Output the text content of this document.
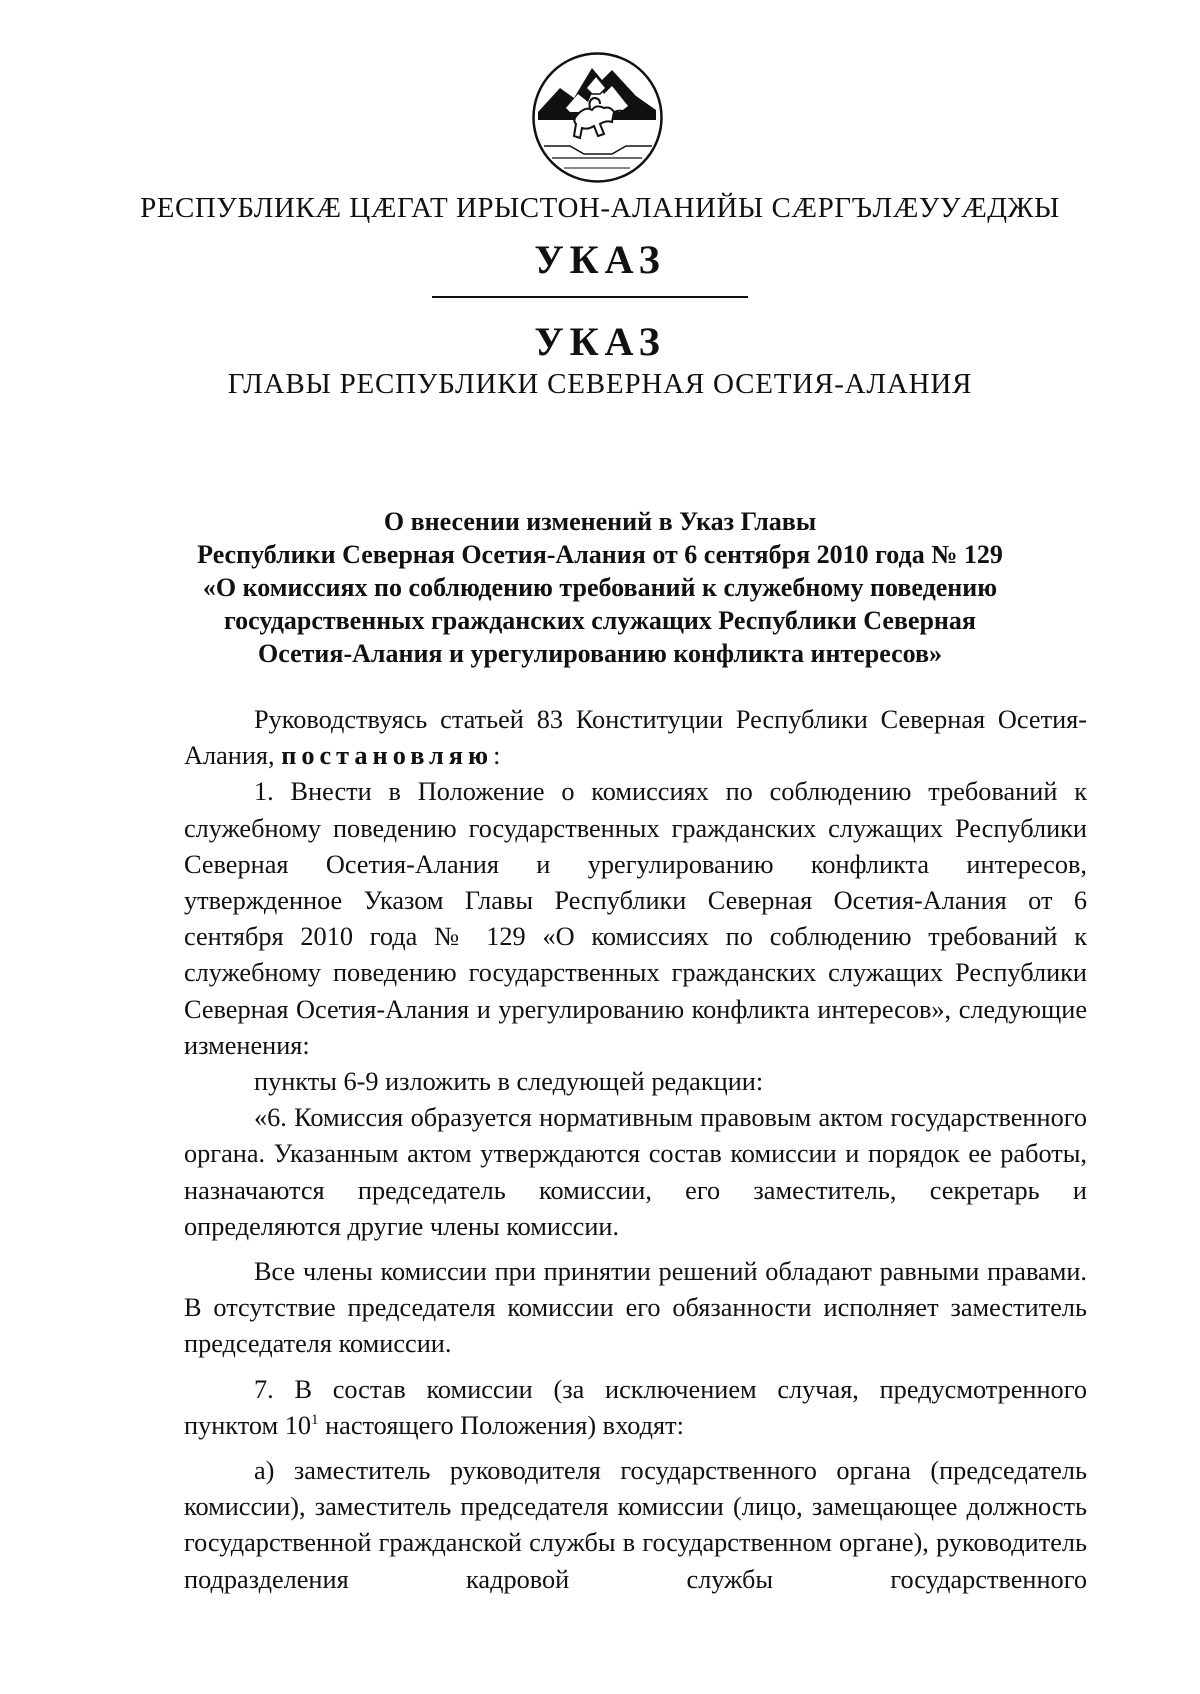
РЕСПУБЛИКӔ ЦӔГАТ ИРЫСТОН-АЛАНИЙЫ СӔРГЪЛӔУУӔДЖЫ
УКАЗ
УКАЗ
ГЛАВЫ РЕСПУБЛИКИ СЕВЕРНАЯ ОСЕТИЯ-АЛАНИЯ
О внесении изменений в Указ Главы
Республики Северная Осетия-Алания от 6 сентября 2010 года № 129
«О комиссиях по соблюдению требований к служебному поведению
государственных гражданских служащих Республики Северная
Осетия-Алания и урегулированию конфликта интересов»

Руководствуясь статьей 83 Конституции Республики Северная Осетия-Алания, постановляю:

1. Внести в Положение о комиссиях по соблюдению требований к служебному поведению государственных гражданских служащих Республики Северная Осетия-Алания и урегулированию конфликта интересов, утвержденное Указом Главы Республики Северная Осетия-Алания от 6 сентября 2010 года № 129 «О комиссиях по соблюдению требований к служебному поведению государственных гражданских служащих Республики Северная Осетия-Алания и урегулированию конфликта интересов», следующие изменения:

пункты 6-9 изложить в следующей редакции:

«6. Комиссия образуется нормативным правовым актом государственного органа. Указанным актом утверждаются состав комиссии и порядок ее работы, назначаются председатель комиссии, его заместитель, секретарь и определяются другие члены комиссии.

Все члены комиссии при принятии решений обладают равными правами. В отсутствие председателя комиссии его обязанности исполняет заместитель председателя комиссии.

7. В состав комиссии (за исключением случая, предусмотренного пунктом $10^1$ настоящего Положения) входят:

а) заместитель руководителя государственного органа (председатель комиссии), заместитель председателя комиссии (лицо, замещающее должность государственной гражданской службы в государственном органе), руководитель подразделения кадровой службы государственного
